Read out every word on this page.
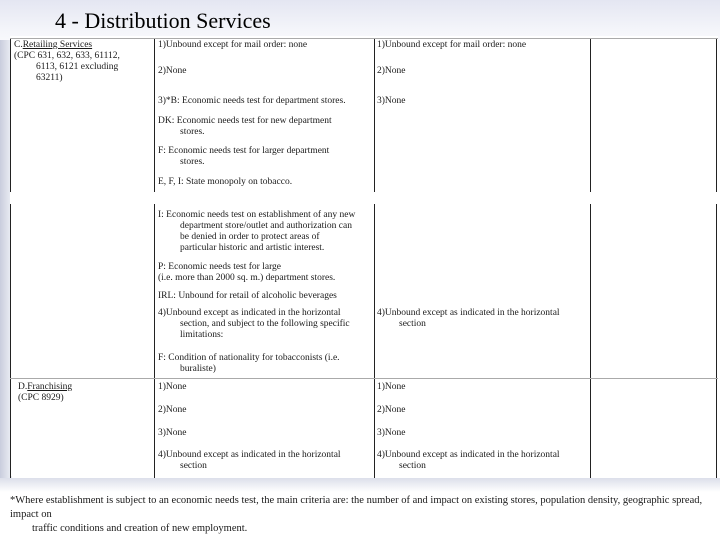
4 - Distribution Services
C.Retailing Services
(CPC 631, 632, 633, 61112,
6113, 6121 excluding
63211)
1)Unbound except for mail order: none
2)None
3)*B: Economic needs test for department stores.
DK: Economic needs test for new department
stores.
F: Economic needs test for larger department
stores.
E, F, I: State monopoly on tobacco.
1)Unbound except for mail order: none
2)None
3)None
I: Economic needs test on establishment of any new
department store/outlet and authorization can
be denied in order to protect areas of
particular historic and artistic interest.
P: Economic needs test for large
(i.e. more than 2000 sq. m.) department stores.
IRL: Unbound for retail of alcoholic beverages
4)Unbound except as indicated in the horizontal
section, and subject to the following specific
limitations:
F: Condition of nationality for tobacconists (i.e.
buraliste)
4)Unbound except as indicated in the horizontal
section
D.Franchising
(CPC 8929)
1)None
2)None
3)None
4)Unbound except as indicated in the horizontal
section
1)None
2)None
3)None
4)Unbound except as indicated in the horizontal
section
*Where establishment is subject to an economic needs test, the main criteria are: the number of and impact on existing stores, population density, geographic spread, impact on
traffic conditions and creation of new employment.
